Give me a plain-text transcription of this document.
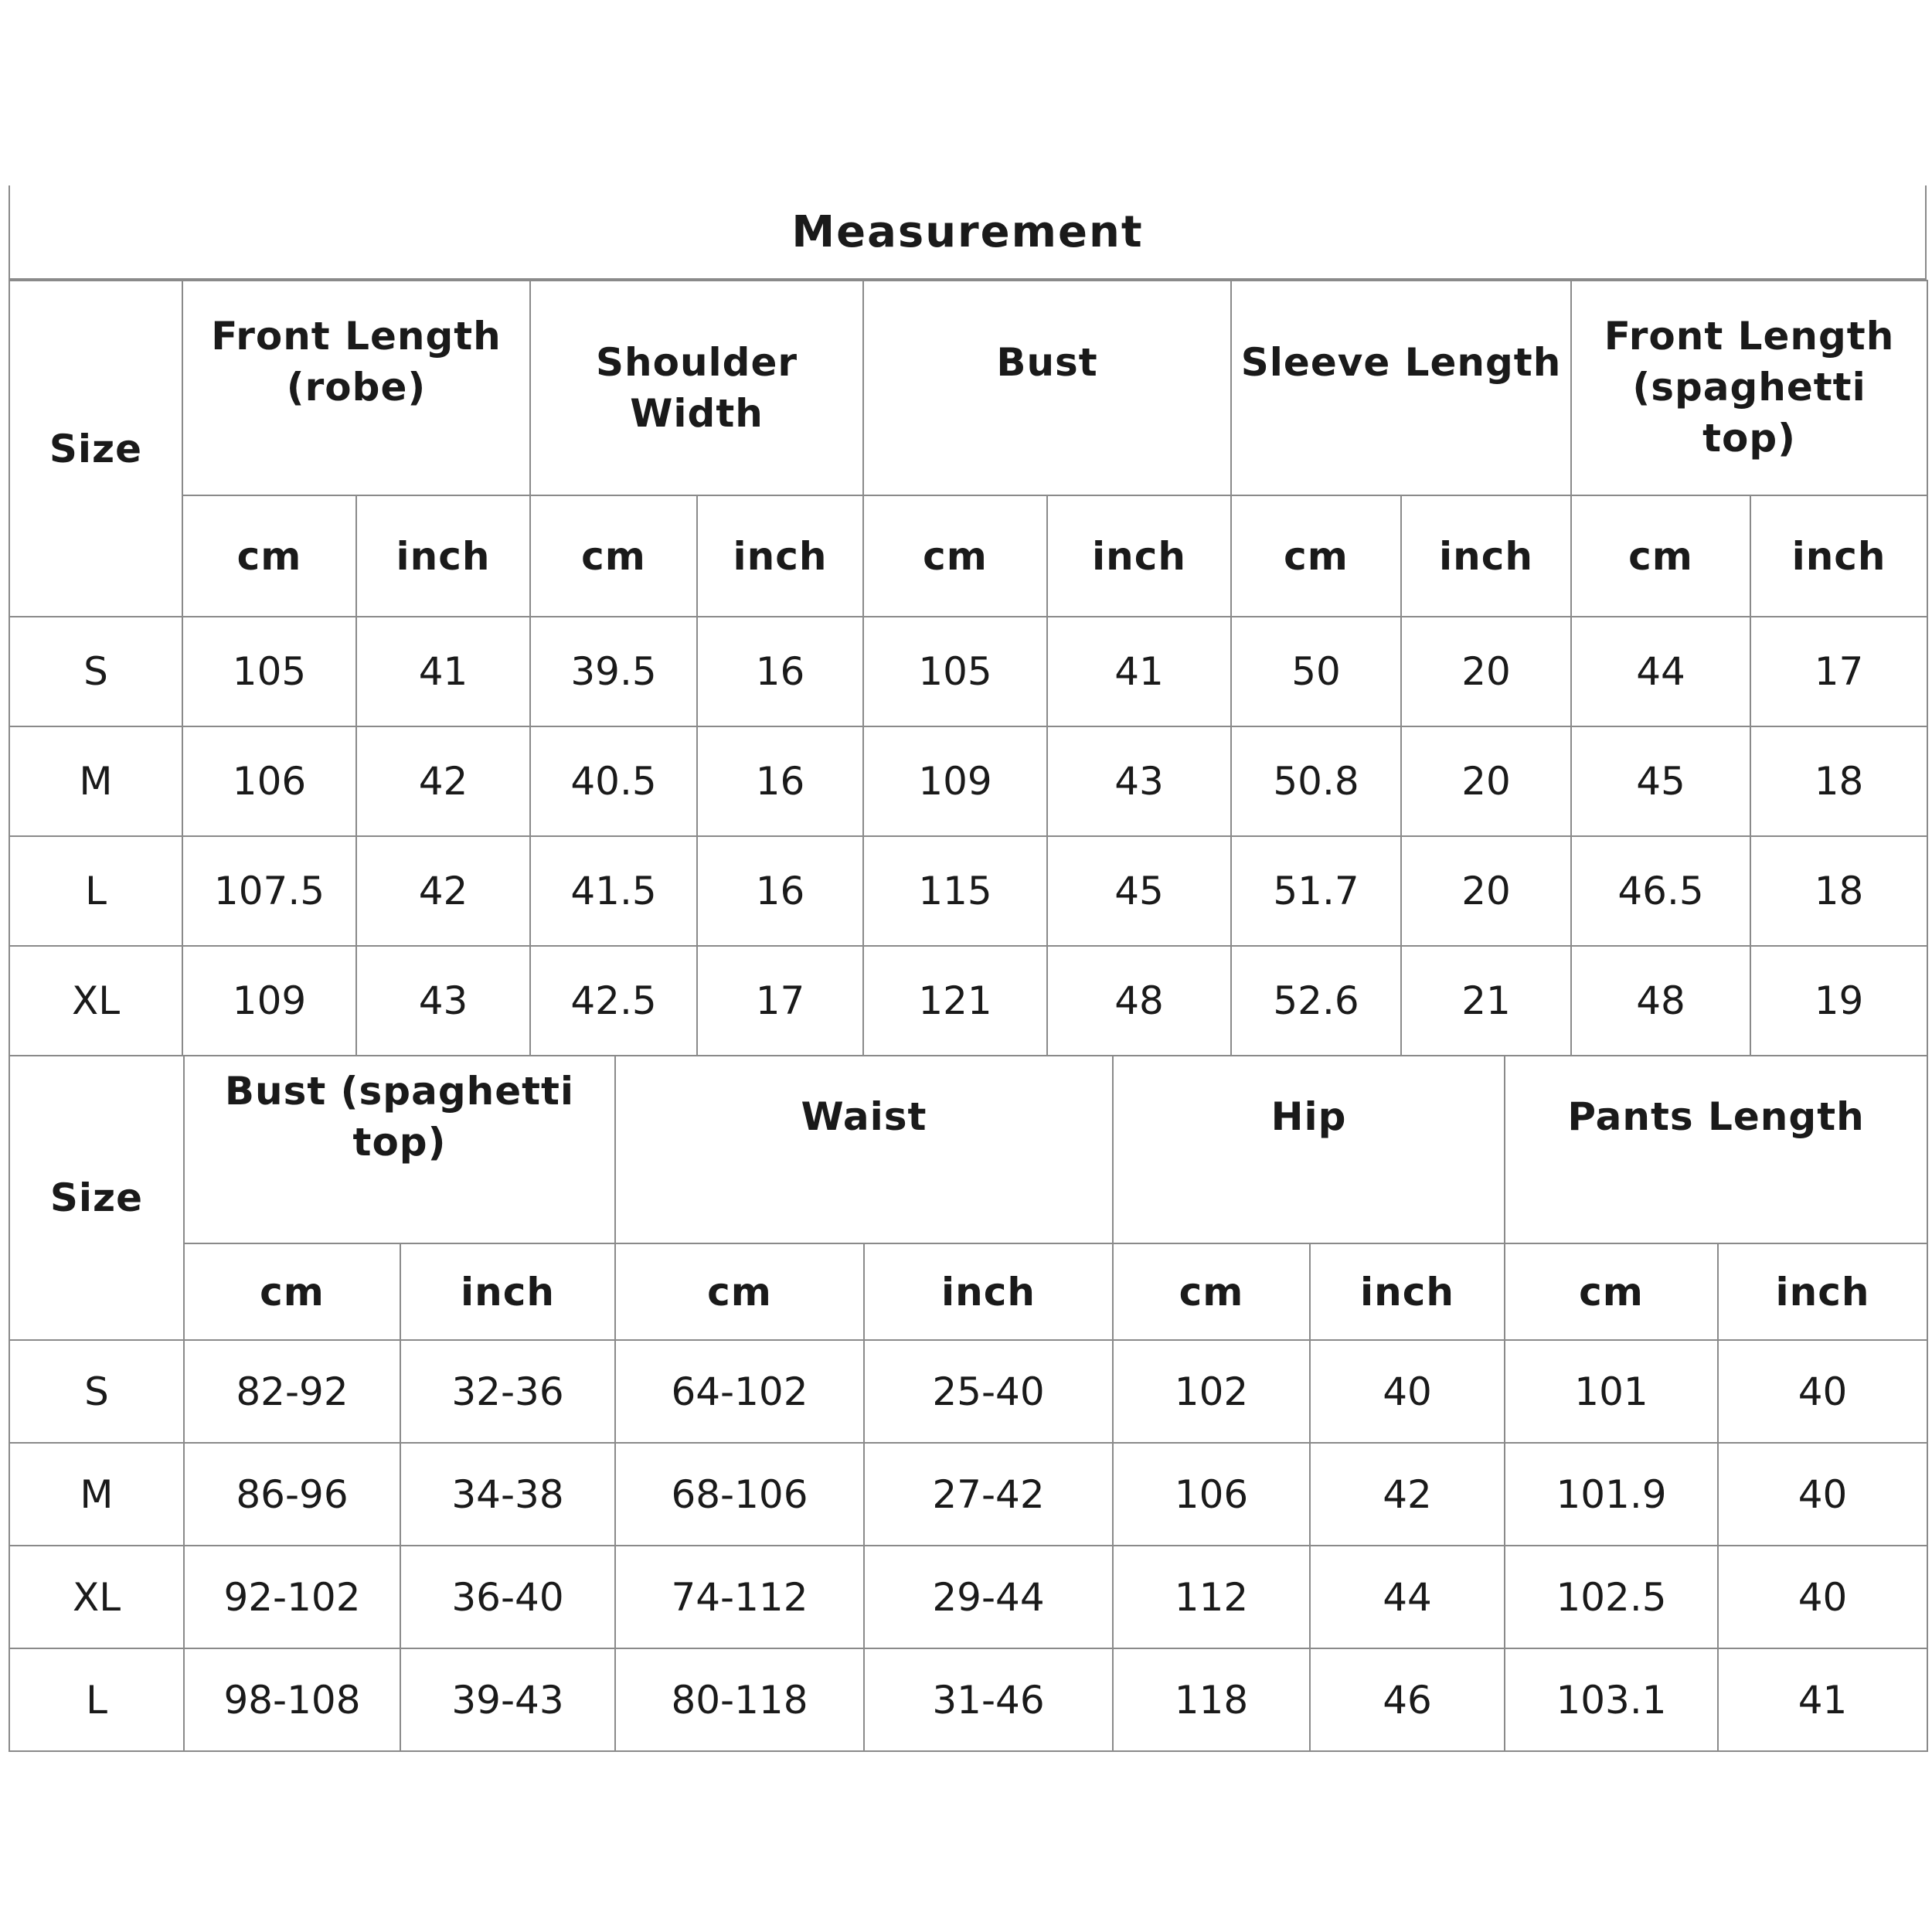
Measurement
Size	Front Length (robe)		Shoulder Width		Bust		Sleeve Length		Front Length (spaghetti top)	
	cm	inch	cm	inch	cm	inch	cm	inch	cm	inch
S	105	41	39.5	16	105	41	50	20	44	17
M	106	42	40.5	16	109	43	50.8	20	45	18
L	107.5	42	41.5	16	115	45	51.7	20	46.5	18
XL	109	43	42.5	17	121	48	52.6	21	48	19
Size	Bust (spaghetti top)		Waist		Hip		Pants Length	
	cm	inch	cm	inch	cm	inch	cm	inch
S	82-92	32-36	64-102	25-40	102	40	101	40
M	86-96	34-38	68-106	27-42	106	42	101.9	40
XL	92-102	36-40	74-112	29-44	112	44	102.5	40
L	98-108	39-43	80-118	31-46	118	46	103.1	41
